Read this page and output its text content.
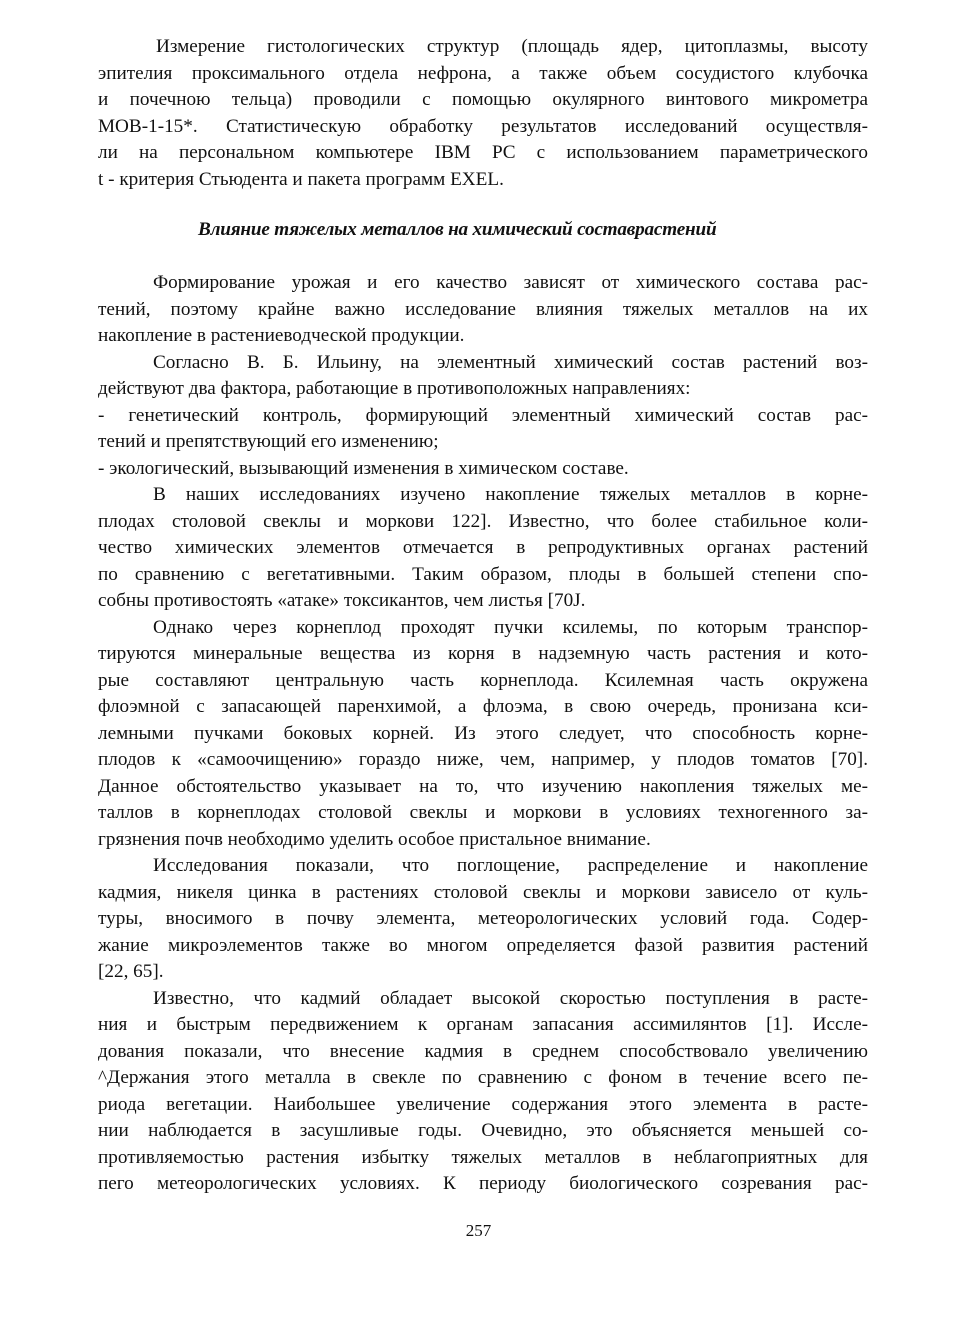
Измерение гистологических структур (площадь ядер, цитоплазмы, высоту
эпителия проксимального отдела нефрона, а также объем сосудистого клубочка
и почечною тельца) проводили с помощью окулярного винтового микрометра
МОВ-1-15*. Статистическую обработку результатов исследований осуществля-
ли на персональном компьютере IBM PC с использованием параметрического
t - критерия Стьюдента и пакета программ EXEL.
Влияние тяжелых металлов на химический составрастений
Формирование урожая и его качество зависят от химического состава рас-
тений, поэтому крайне важно исследование влияния тяжелых металлов на их
накопление в растениеводческой продукции.
Согласно В. Б. Ильину, на элементный химический состав растений воз-
действуют два фактора, работающие в противоположных направлениях:
- генетический контроль, формирующий элементный химический состав рас-
тений и препятствующий его изменению;
- экологический, вызывающий изменения в химическом составе.
В наших исследованиях изучено накопление тяжелых металлов в корне-
плодах столовой свеклы и моркови 122]. Известно, что более стабильное коли-
чество химических элементов отмечается в репродуктивных органах растений
по сравнению с вегетативными. Таким образом, плоды в большей степени спо-
собны противостоять «атаке» токсикантов, чем листья [70J.
Однако через корнеплод проходят пучки ксилемы, по которым транспор-
тируются минеральные вещества из корня в надземную часть растения и кото-
рые составляют центральную часть корнеплода. Ксилемная часть окружена
флоэмной с запасающей паренхимой, а флоэма, в свою очередь, пронизана кси-
лемными пучками боковых корней. Из этого следует, что способность корне-
плодов к «самоочищению» гораздо ниже, чем, например, у плодов томатов [70].
Данное обстоятельство указывает на то, что изучению накопления тяжелых ме-
таллов в корнеплодах столовой свеклы и моркови в условиях техногенного за-
грязнения почв необходимо уделить особое пристальное внимание.
Исследования показали, что поглощение, распределение и накопление
кадмия, никеля цинка в растениях столовой свеклы и моркови зависело от куль-
туры, вносимого в почву элемента, метеорологических условий года. Содер-
жание микроэлементов также во многом определяется фазой развития растений
[22, 65].
Известно, что кадмий обладает высокой скоростью поступления в расте-
ния и быстрым передвижением к органам запасания ассимилянтов [1]. Иссле-
дования показали, что внесение кадмия в среднем способствовало увеличению
^Держания этого металла в свекле по сравнению с фоном в течение всего пе-
риода вегетации. Наибольшее увеличение содержания этого элемента в расте-
нии наблюдается в засушливые годы. Очевидно, это объясняется меньшей со-
противляемостью растения избытку тяжелых металлов в неблагоприятных для
пего метеорологических условиях. К периоду биологического созревания рас-
257
